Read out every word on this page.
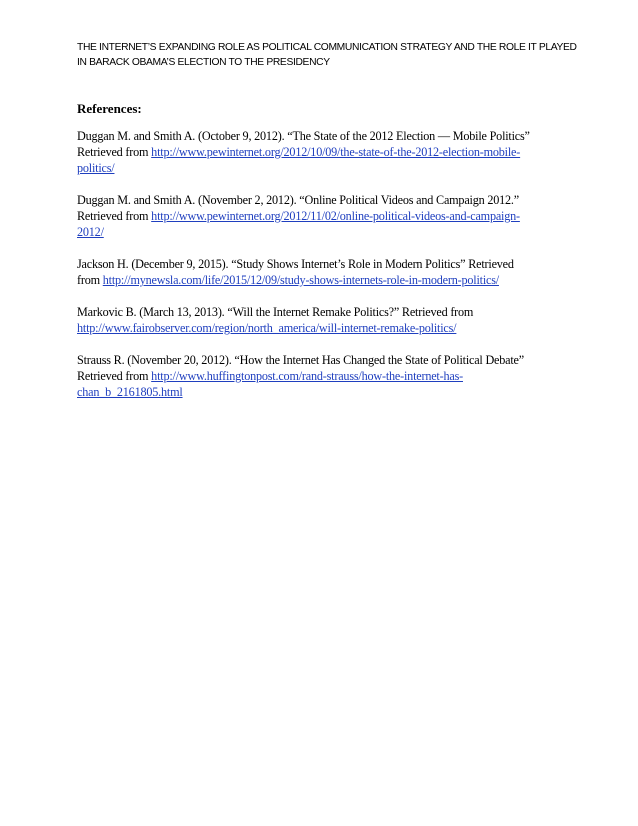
THE INTERNET’S EXPANDING ROLE AS POLITICAL COMMUNICATION STRATEGY AND THE ROLE IT PLAYED
IN BARACK OBAMA’S ELECTION TO THE PRESIDENCY
References:
Duggan M. and Smith A. (October 9, 2012). “The State of the 2012 Election — Mobile Politics”
Retrieved from http://www.pewinternet.org/2012/10/09/the-state-of-the-2012-election-mobile-
politics/
Duggan M. and Smith A. (November 2, 2012). “Online Political Videos and Campaign 2012.”
Retrieved from http://www.pewinternet.org/2012/11/02/online-political-videos-and-campaign-
2012/
Jackson H. (December 9, 2015). “Study Shows Internet’s Role in Modern Politics” Retrieved
from http://mynewsla.com/life/2015/12/09/study-shows-internets-role-in-modern-politics/
Markovic B. (March 13, 2013). “Will the Internet Remake Politics?” Retrieved from
http://www.fairobserver.com/region/north_america/will-internet-remake-politics/
Strauss R. (November 20, 2012). “How the Internet Has Changed the State of Political Debate”
Retrieved from http://www.huffingtonpost.com/rand-strauss/how-the-internet-has-
chan_b_2161805.html
